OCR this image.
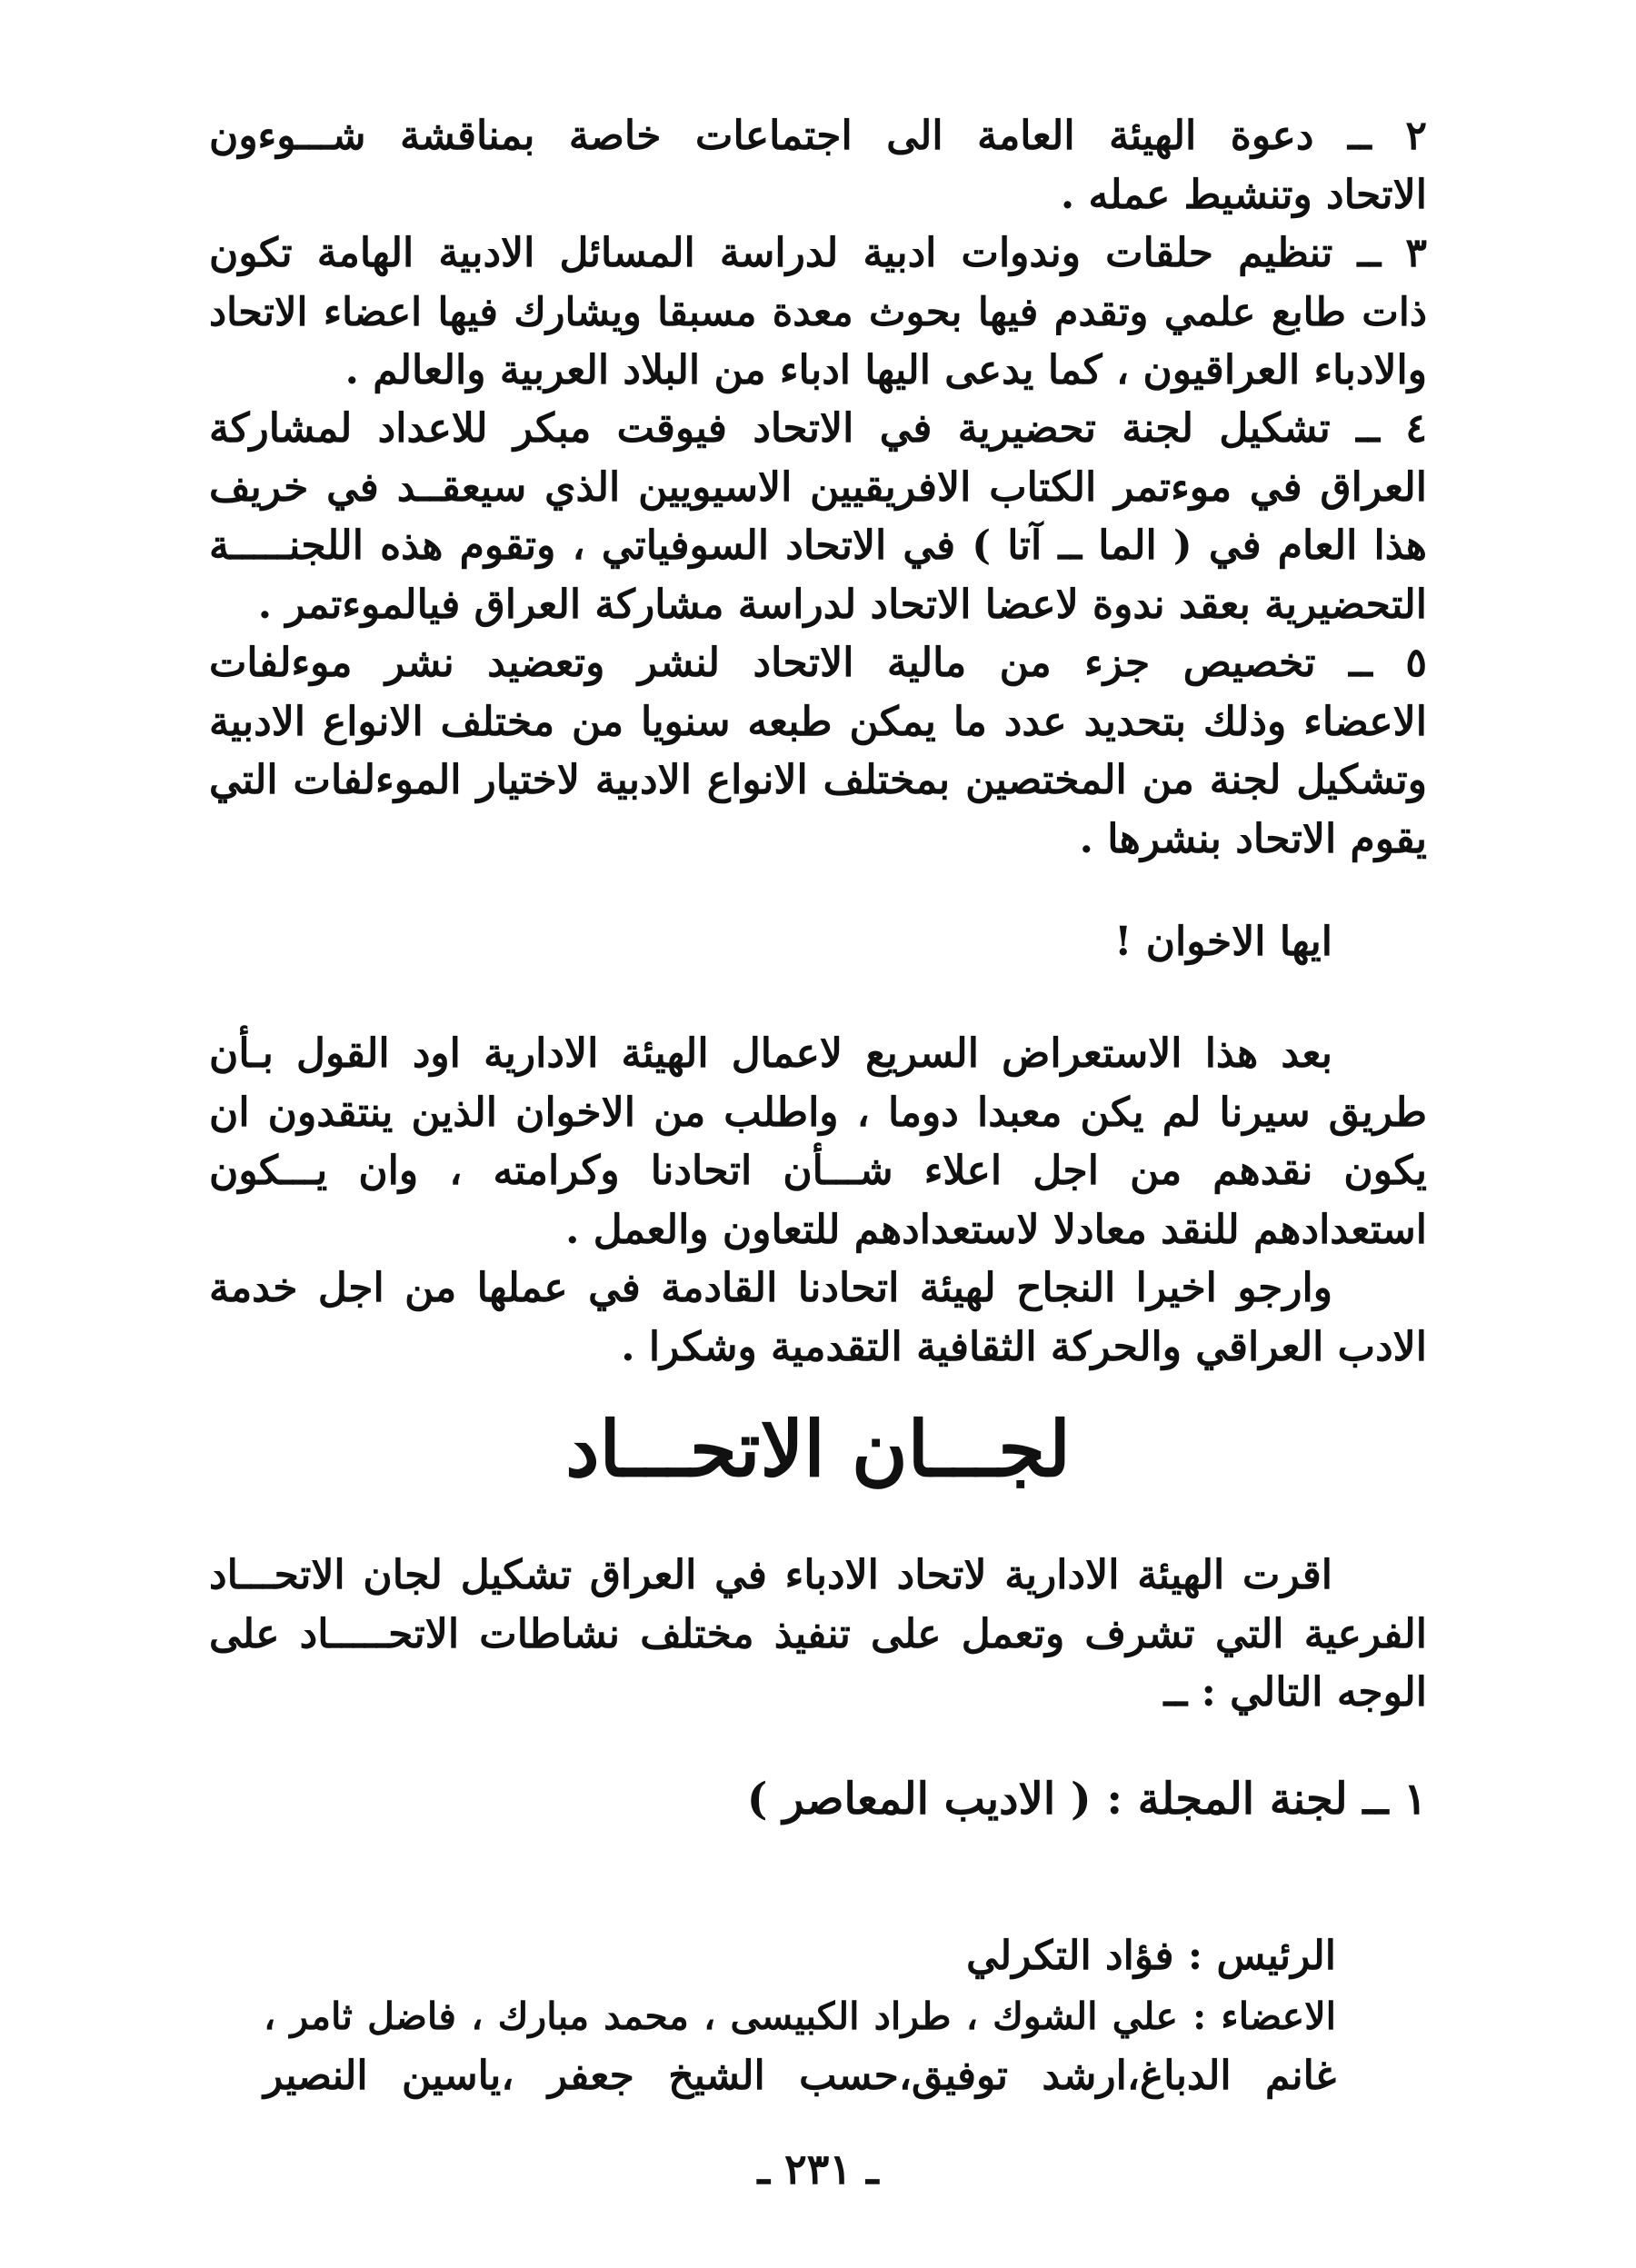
٢ ــ دعوة الهيئة العامة الى اجتماعات خاصة بمناقشة شـــوءون
الاتحاد وتنشيط عمله .
٣ ــ تنظيم حلقات وندوات ادبية لدراسة المسائل الادبية الهامة تكون
ذات طابع علمي وتقدم فيها بحوث معدة مسبقا ويشارك فيها اعضاء الاتحاد
والادباء العراقيون ، كما يدعى اليها ادباء من البلاد العربية والعالم .
٤ ــ تشكيل لجنة تحضيرية في الاتحاد فيوقت مبكر للاعداد لمشاركة
العراق في موءتمر الكتاب الافريقيين الاسيويين الذي سيعقــد في خريف
هذا العام في ( الما ــ آتا ) في الاتحاد السوفياتي ، وتقوم هذه اللجنـــــة
التحضيرية بعقد ندوة لاعضا الاتحاد لدراسة مشاركة العراق فيالموءتمر .
٥ ــ تخصيص جزء من مالية الاتحاد لنشر وتعضيد نشر موءلفات
الاعضاء وذلك بتحديد عدد ما يمكن طبعه سنويا من مختلف الانواع الادبية
وتشكيل لجنة من المختصين بمختلف الانواع الادبية لاختيار الموءلفات التي
يقوم الاتحاد بنشرها .
ايها الاخوان !
بعد هذا الاستعراض السريع لاعمال الهيئة الادارية اود القول بـأن
طريق سيرنا لم يكن معبدا دوما ، واطلب من الاخوان الذين ينتقدون ان
يكون نقدهم من اجل اعلاء شـــأن اتحادنا وكرامته ، وان يـــكون
استعدادهم للنقد معادلا لاستعدادهم للتعاون والعمل .
وارجو اخيرا النجاح لهيئة اتحادنا القادمة في عملها من اجل خدمة
الادب العراقي والحركة الثقافية التقدمية وشكرا .
لجـــان الاتحـــاد
اقرت الهيئة الادارية لاتحاد الادباء في العراق تشكيل لجان الاتحـــاد
الفرعية التي تشرف وتعمل على تنفيذ مختلف نشاطات الاتحـــــاد على
الوجه التالي : ــ
١ ــ لجنة المجلة : ( الاديب المعاصر )
الرئيس : فؤاد التكرلي
الاعضاء : علي الشوك ، طراد الكبيسى ، محمد مبارك ، فاضل ثامر ،
غانم الدباغ،ارشد توفيق،حسب الشيخ جعفر ،ياسين النصير
ـ ٢٣١ ـ
